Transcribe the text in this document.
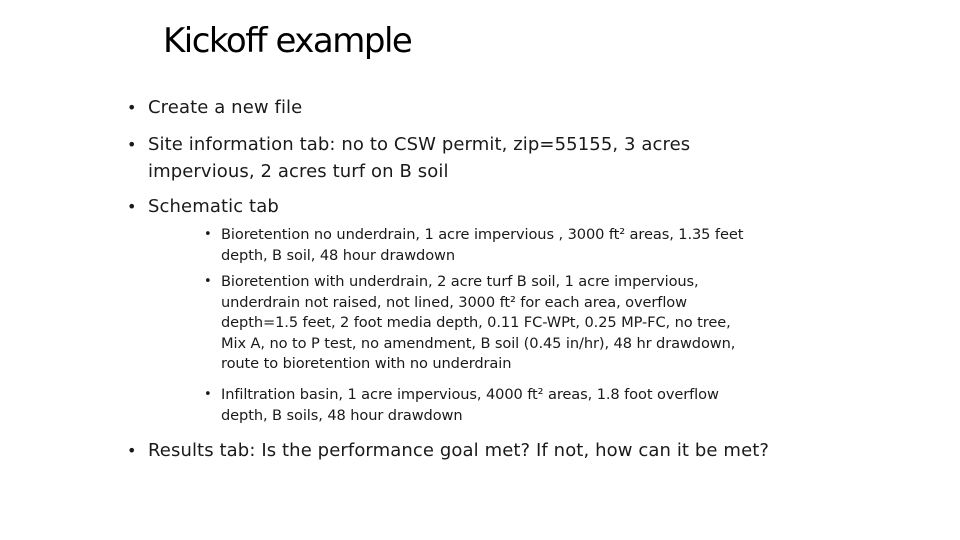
Kickoff example
• Create a new file
• Site information tab: no to CSW permit, zip=55155, 3 acres
impervious, 2 acres turf on B soil
• Schematic tab
• Bioretention no underdrain, 1 acre impervious , 3000 ft² areas, 1.35 feet
depth, B soil, 48 hour drawdown
• Bioretention with underdrain, 2 acre turf B soil, 1 acre impervious,
underdrain not raised, not lined, 3000 ft² for each area, overflow
depth=1.5 feet, 2 foot media depth, 0.11 FC-WPt, 0.25 MP-FC, no tree,
Mix A, no to P test, no amendment, B soil (0.45 in/hr), 48 hr drawdown,
route to bioretention with no underdrain
• Infiltration basin, 1 acre impervious, 4000 ft² areas, 1.8 foot overflow
depth, B soils, 48 hour drawdown
• Results tab: Is the performance goal met? If not, how can it be met?
